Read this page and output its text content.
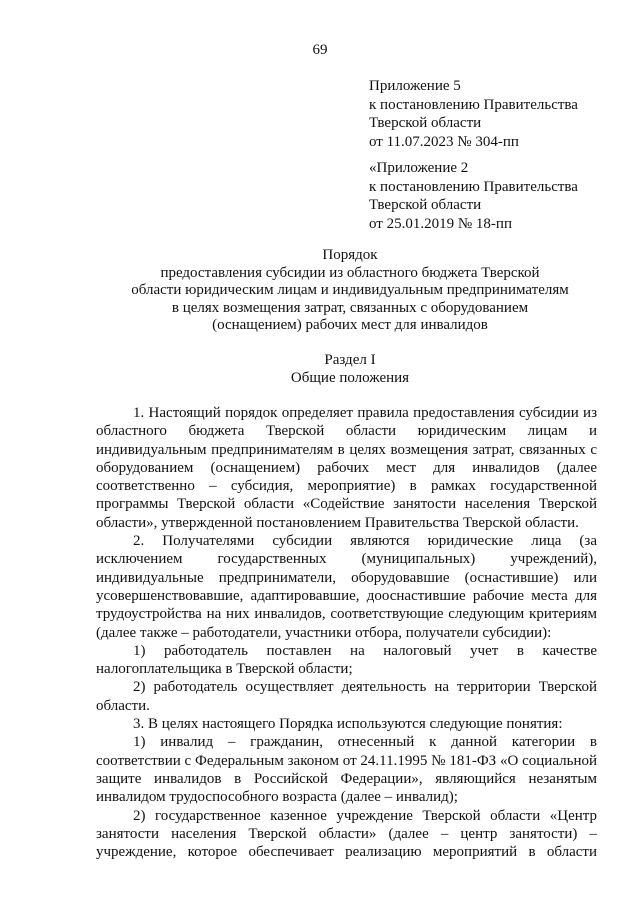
69
Приложение 5
к постановлению Правительства
Тверской области
от 11.07.2023 № 304-пп
«Приложение 2
к постановлению Правительства
Тверской области
от 25.01.2019 № 18-пп
Порядок
предоставления субсидии из областного бюджета Тверской
области юридическим лицам и индивидуальным предпринимателям
в целях возмещения затрат, связанных с оборудованием
(оснащением) рабочих мест для инвалидов
Раздел I
Общие положения

1. Настоящий порядок определяет правила предоставления субсидии из областного бюджета Тверской области юридическим лицам и индивидуальным предпринимателям в целях возмещения затрат, связанных с оборудованием (оснащением) рабочих мест для инвалидов (далее соответственно – субсидия, мероприятие) в рамках государственной программы Тверской области «Содействие занятости населения Тверской области», утвержденной постановлением Правительства Тверской области.

2. Получателями субсидии являются юридические лица (за исключением государственных (муниципальных) учреждений), индивидуальные предприниматели, оборудовавшие (оснастившие) или усовершенствовавшие, адаптировавшие, дооснастившие рабочие места для трудоустройства на них инвалидов, соответствующие следующим критериям (далее также – работодатели, участники отбора, получатели субсидии):

1) работодатель поставлен на налоговый учет в качестве налогоплательщика в Тверской области;

2) работодатель осуществляет деятельность на территории Тверской области.

3. В целях настоящего Порядка используются следующие понятия:

1) инвалид – гражданин, отнесенный к данной категории в соответствии с Федеральным законом от 24.11.1995 № 181-ФЗ «О социальной защите инвалидов в Российской Федерации», являющийся незанятым инвалидом трудоспособного возраста (далее – инвалид);

2) государственное казенное учреждение Тверской области «Центр занятости населения Тверской области» (далее – центр занятости) – учреждение, которое обеспечивает реализацию мероприятий в области
